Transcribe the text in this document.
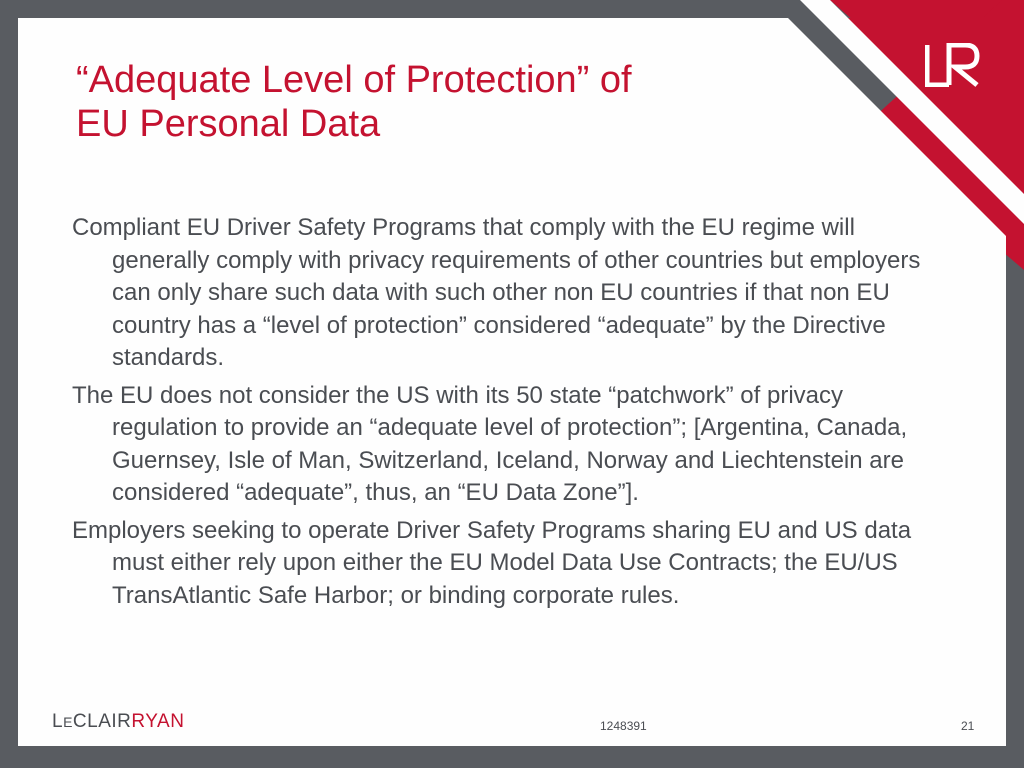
“Adequate Level of Protection” of
EU Personal Data

Compliant EU Driver Safety Programs that comply with the EU regime will generally comply with privacy requirements of other countries but employers can only share such data with such other non EU countries if that non EU country has a “level of protection” considered “adequate” by the Directive standards.

The EU does not consider the US with its 50 state “patchwork” of privacy regulation to provide an “adequate level of protection”; [Argentina, Canada, Guernsey, Isle of Man, Switzerland, Iceland, Norway and Liechtenstein are considered “adequate”, thus, an “EU Data Zone”].

Employers seeking to operate Driver Safety Programs sharing EU and US data must either rely upon either the EU Model Data Use Contracts; the EU/US TransAtlantic Safe Harbor; or binding corporate rules.

LECLAIRRYAN	1248391	21
